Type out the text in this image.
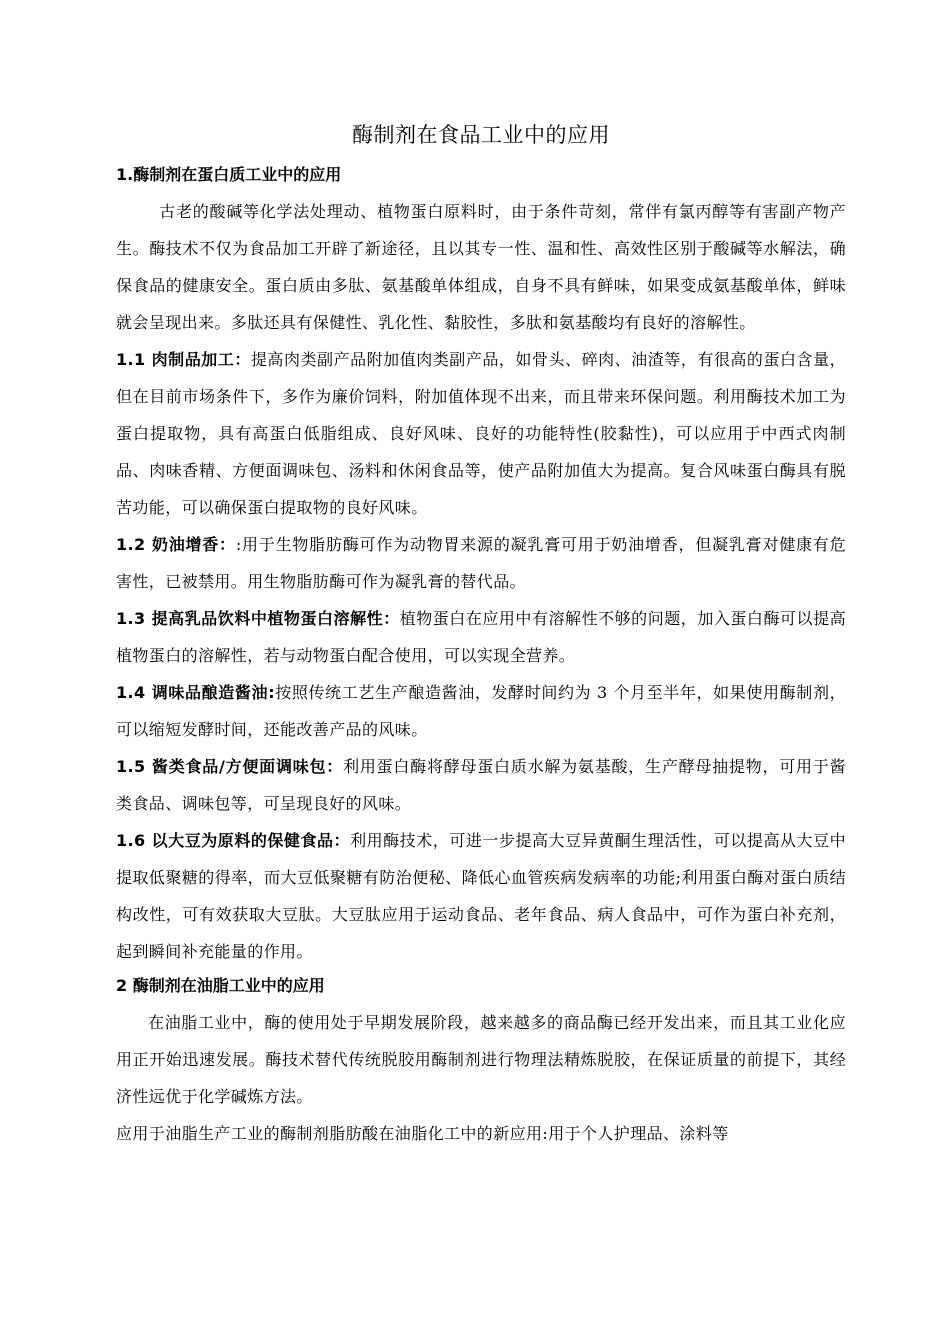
酶制剂在食品工业中的应用
1.酶制剂在蛋白质工业中的应用

古老的酸碱等化学法处理动、植物蛋白原料时，由于条件苛刻，常伴有氯丙醇等有害副产物产生。酶技术不仅为食品加工开辟了新途径，且以其专一性、温和性、高效性区别于酸碱等水解法，确保食品的健康安全。蛋白质由多肽、氨基酸单体组成，自身不具有鲜味，如果变成氨基酸单体，鲜味就会呈现出来。多肽还具有保健性、乳化性、黏胶性，多肽和氨基酸均有良好的溶解性。

1.1 肉制品加工：提高肉类副产品附加值肉类副产品，如骨头、碎肉、油渣等，有很高的蛋白含量，但在目前市场条件下，多作为廉价饲料，附加值体现不出来，而且带来环保问题。利用酶技术加工为蛋白提取物，具有高蛋白低脂组成、良好风味、良好的功能特性(胶黏性)，可以应用于中西式肉制品、肉味香精、方便面调味包、汤料和休闲食品等，使产品附加值大为提高。复合风味蛋白酶具有脱苦功能，可以确保蛋白提取物的良好风味。

1.2 奶油增香：:用于生物脂肪酶可作为动物胃来源的凝乳膏可用于奶油增香，但凝乳膏对健康有危害性，已被禁用。用生物脂肪酶可作为凝乳膏的替代品。

1.3 提高乳品饮料中植物蛋白溶解性：植物蛋白在应用中有溶解性不够的问题，加入蛋白酶可以提高植物蛋白的溶解性，若与动物蛋白配合使用，可以实现全营养。

1.4 调味品酿造酱油:按照传统工艺生产酿造酱油，发酵时间约为 3 个月至半年，如果使用酶制剂，可以缩短发酵时间，还能改善产品的风味。

1.5 酱类食品/方便面调味包：利用蛋白酶将酵母蛋白质水解为氨基酸，生产酵母抽提物，可用于酱类食品、调味包等，可呈现良好的风味。

1.6 以大豆为原料的保健食品：利用酶技术，可进一步提高大豆异黄酮生理活性，可以提高从大豆中提取低聚糖的得率，而大豆低聚糖有防治便秘、降低心血管疾病发病率的功能;利用蛋白酶对蛋白质结构改性，可有效获取大豆肽。大豆肽应用于运动食品、老年食品、病人食品中，可作为蛋白补充剂，起到瞬间补充能量的作用。

2 酶制剂在油脂工业中的应用

在油脂工业中，酶的使用处于早期发展阶段，越来越多的商品酶已经开发出来，而且其工业化应用正开始迅速发展。酶技术替代传统脱胶用酶制剂进行物理法精炼脱胶，在保证质量的前提下，其经济性远优于化学碱炼方法。

应用于油脂生产工业的酶制剂脂肪酸在油脂化工中的新应用:用于个人护理品、涂料等
